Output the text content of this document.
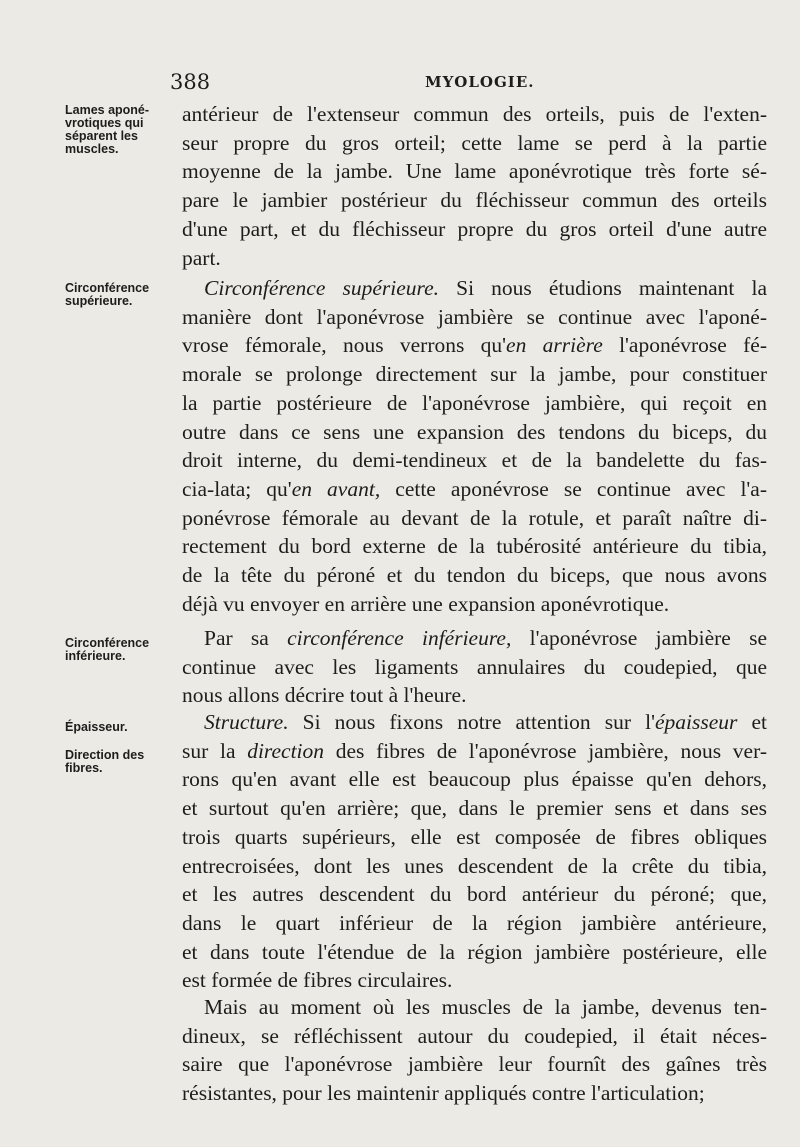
388	MYOLOGIE.
Lames aponé-
vrotiques qui
séparent les
muscles.
Circonférence
supérieure.
Circonférence
inférieure.
Épaisseur.
Direction des
fibres.
antérieur de l'extenseur commun des orteils, puis de l'exten-
seur propre du gros orteil; cette lame se perd à la partie
moyenne de la jambe. Une lame aponévrotique très forte sé-
pare le jambier postérieur du fléchisseur commun des orteils
d'une part, et du fléchisseur propre du gros orteil d'une autre
part.
Circonférence supérieure. Si nous étudions maintenant la
manière dont l'aponévrose jambière se continue avec l'aponé-
vrose fémorale, nous verrons qu'en arrière l'aponévrose fé-
morale se prolonge directement sur la jambe, pour constituer
la partie postérieure de l'aponévrose jambière, qui reçoit en
outre dans ce sens une expansion des tendons du biceps, du
droit interne, du demi-tendineux et de la bandelette du fas-
cia-lata; qu'en avant, cette aponévrose se continue avec l'a-
ponévrose fémorale au devant de la rotule, et paraît naître di-
rectement du bord externe de la tubérosité antérieure du tibia,
de la tête du péroné et du tendon du biceps, que nous avons
déjà vu envoyer en arrière une expansion aponévrotique.
Par sa circonférence inférieure, l'aponévrose jambière se
continue avec les ligaments annulaires du coudepied, que
nous allons décrire tout à l'heure.
Structure. Si nous fixons notre attention sur l'épaisseur et
sur la direction des fibres de l'aponévrose jambière, nous ver-
rons qu'en avant elle est beaucoup plus épaisse qu'en dehors,
et surtout qu'en arrière; que, dans le premier sens et dans ses
trois quarts supérieurs, elle est composée de fibres obliques
entrecroisées, dont les unes descendent de la crête du tibia,
et les autres descendent du bord antérieur du péroné; que,
dans le quart inférieur de la région jambière antérieure,
et dans toute l'étendue de la région jambière postérieure, elle
est formée de fibres circulaires.
Mais au moment où les muscles de la jambe, devenus ten-
dineux, se réfléchissent autour du coudepied, il était néces-
saire que l'aponévrose jambière leur fournît des gaînes très
résistantes, pour les maintenir appliqués contre l'articulation;
